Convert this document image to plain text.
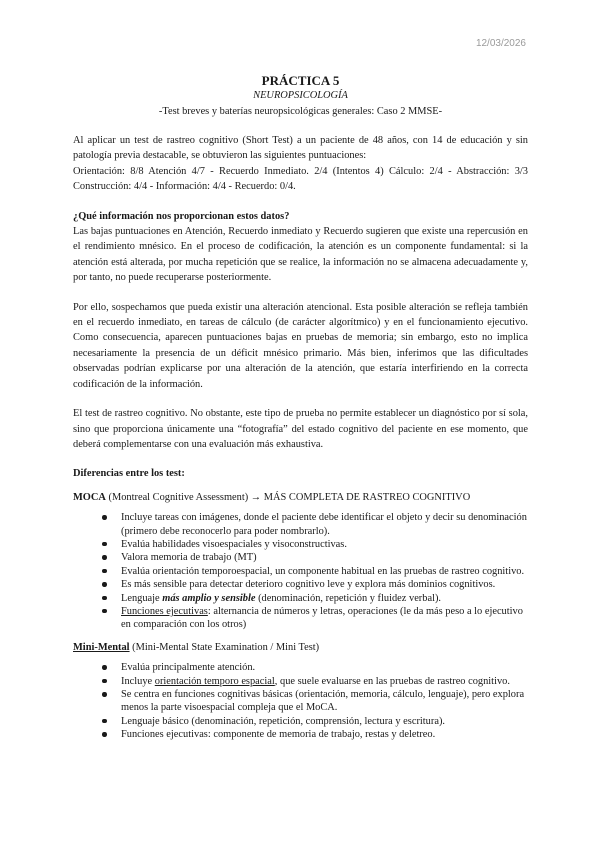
12/03/2026
PRÁCTICA 5
NEUROPSICOLOGÍA
-Test breves y baterías neuropsicológicas generales: Caso 2 MMSE-

Al aplicar un test de rastreo cognitivo (Short Test) a un paciente de 48 años, con 14 de educación y sin patología previa destacable, se obtuvieron las siguientes puntuaciones:

Orientación: 8/8 Atención 4/7 - Recuerdo Inmediato. 2/4 (Intentos 4) Cálculo: 2/4 - Abstracción: 3/3 Construcción: 4/4 - Información: 4/4 - Recuerdo: 0/4.

¿Qué información nos proporcionan estos datos?

Las bajas puntuaciones en Atención, Recuerdo inmediato y Recuerdo sugieren que existe una repercusión en el rendimiento mnésico. En el proceso de codificación, la atención es un componente fundamental: si la atención está alterada, por mucha repetición que se realice, la información no se almacena adecuadamente y, por tanto, no puede recuperarse posteriormente.

Por ello, sospechamos que pueda existir una alteración atencional. Esta posible alteración se refleja también en el recuerdo inmediato, en tareas de cálculo (de carácter algorítmico) y en el funcionamiento ejecutivo. Como consecuencia, aparecen puntuaciones bajas en pruebas de memoria; sin embargo, esto no implica necesariamente la presencia de un déficit mnésico primario. Más bien, inferimos que las dificultades observadas podrían explicarse por una alteración de la atención, que estaría interfiriendo en la correcta codificación de la información.

El test de rastreo cognitivo. No obstante, este tipo de prueba no permite establecer un diagnóstico por sí sola, sino que proporciona únicamente una “fotografía” del estado cognitivo del paciente en ese momento, que deberá complementarse con una evaluación más exhaustiva.

Diferencias entre los test:

MOCA (Montreal Cognitive Assessment) → MÁS COMPLETA DE RASTREO COGNITIVO

Incluye tareas con imágenes, donde el paciente debe identificar el objeto y decir su denominación (primero debe reconocerlo para poder nombrarlo).
Evalúa habilidades visoespaciales y visoconstructivas.
Valora memoria de trabajo (MT)
Evalúa orientación temporoespacial, un componente habitual en las pruebas de rastreo cognitivo.
Es más sensible para detectar deterioro cognitivo leve y explora más dominios cognitivos.
Lenguaje más amplio y sensible (denominación, repetición y fluidez verbal).
Funciones ejecutivas: alternancia de números y letras, operaciones (le da más peso a lo ejecutivo en comparación con los otros)

Mini-Mental (Mini-Mental State Examination / Mini Test)

Evalúa principalmente atención.
Incluye orientación temporo espacial, que suele evaluarse en las pruebas de rastreo cognitivo.
Se centra en funciones cognitivas básicas (orientación, memoria, cálculo, lenguaje), pero explora menos la parte visoespacial compleja que el MoCA.
Lenguaje básico (denominación, repetición, comprensión, lectura y escritura).
Funciones ejecutivas: componente de memoria de trabajo, restas y deletreo.
